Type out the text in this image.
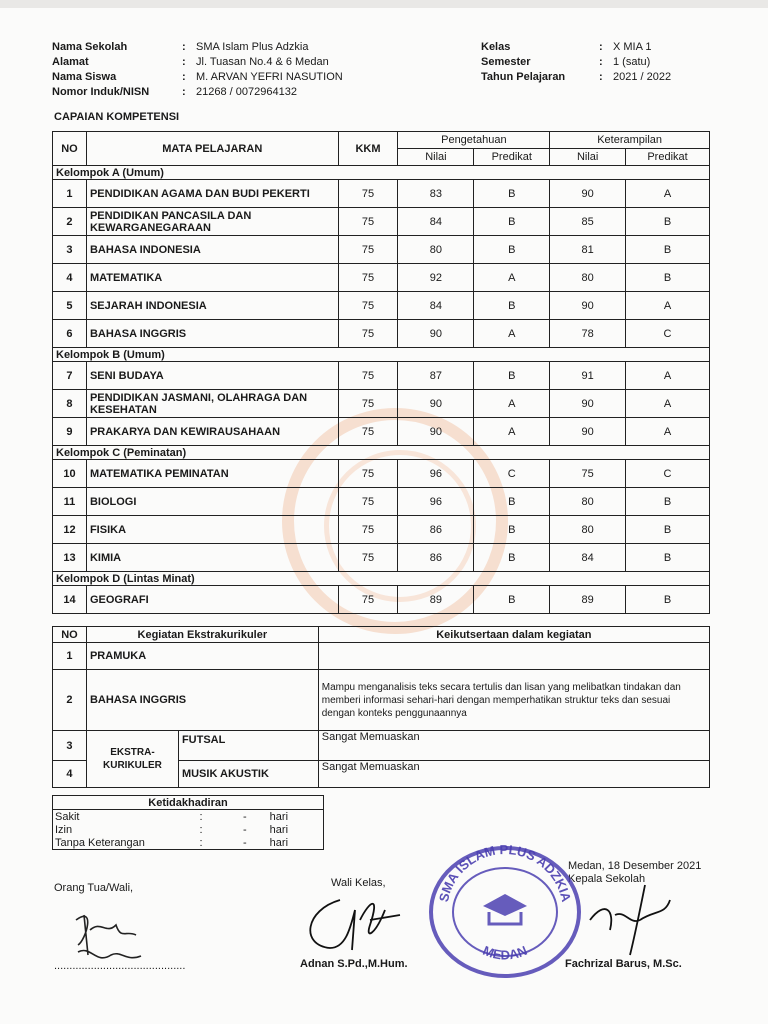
Nama Sekolah	: SMA Islam Plus Adzkia
Alamat	: Jl. Tuasan No.4 & 6 Medan
Nama Siswa	: M. ARVAN YEFRI NASUTION
Nomor Induk/NISN	: 21268 / 0072964132
Kelas	: X MIA 1
Semester	: 1 (satu)
Tahun Pelajaran	: 2021 / 2022
CAPAIAN KOMPETENSI
NO	MATA PELAJARAN	KKM	Pengetahuan		Keterampilan	
			Nilai	Predikat	Nilai	Predikat
Kelompok A (Umum)						
1	PENDIDIKAN AGAMA DAN BUDI PEKERTI	75	83	B	90	A
2	PENDIDIKAN PANCASILA DAN KEWARGANEGARAAN	75	84	B	85	B
3	BAHASA INDONESIA	75	80	B	81	B
4	MATEMATIKA	75	92	A	80	B
5	SEJARAH INDONESIA	75	84	B	90	A
6	BAHASA INGGRIS	75	90	A	78	C
Kelompok B (Umum)						
7	SENI BUDAYA	75	87	B	91	A
8	PENDIDIKAN JASMANI, OLAHRAGA DAN KESEHATAN	75	90	A	90	A
9	PRAKARYA DAN KEWIRAUSAHAAN	75	90	A	90	A
Kelompok C (Peminatan)						
10	MATEMATIKA PEMINATAN	75	96	C	75	C
11	BIOLOGI	75	96	B	80	B
12	FISIKA	75	86	B	80	B
13	KIMIA	75	86	B	84	B
Kelompok D (Lintas Minat)						
14	GEOGRAFI	75	89	B	89	B
NO	Kegiatan Ekstrakurikuler		Keikutsertaan dalam kegiatan
1	PRAMUKA		
2	BAHASA INGGRIS		Mampu menganalisis teks secara tertulis dan lisan yang melibatkan tindakan dan memberi informasi sehari-hari dengan memperhatikan struktur teks dan sesuai dengan konteks penggunaannya
3	EKSTRA-KURIKULER	FUTSAL	Sangat Memuaskan
4		MUSIK AKUSTIK	Sangat Memuaskan
Ketidakhadiran			
Sakit	:	-	hari
Izin	:	-	hari
Tanpa Keterangan	:	-	hari
Orang Tua/Wali,
...........................................
Wali Kelas,
Adnan S.Pd.,M.Hum.
Medan, 18 Desember 2021
Kepala Sekolah
Fachrizal Barus, M.Sc.
SMA ISLAM PLUS ADZKIA
MEDAN
